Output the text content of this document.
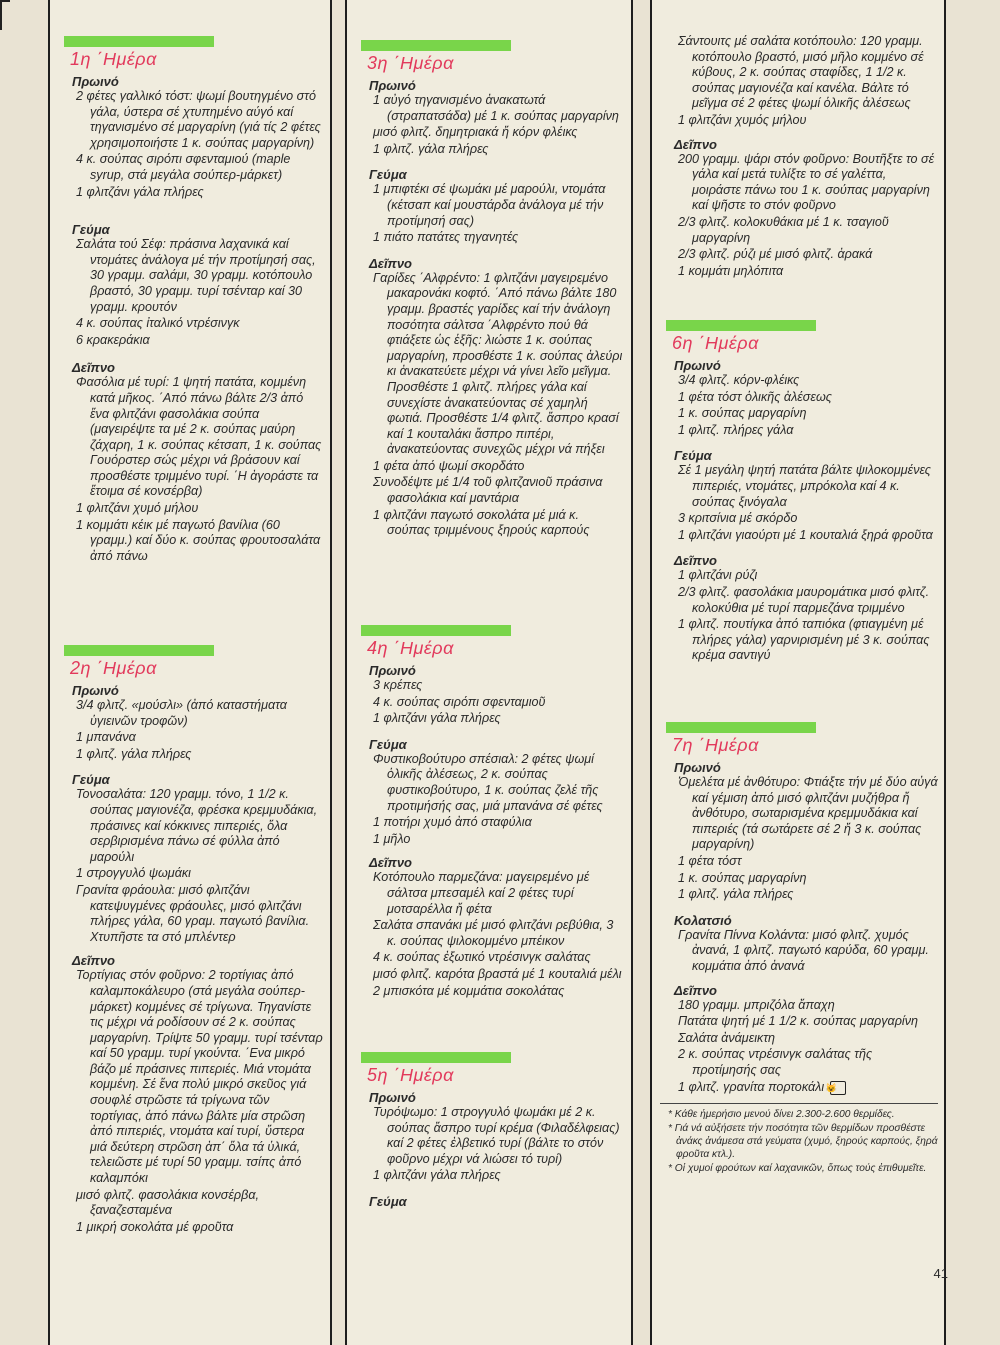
1η ΄Ημέρα
Πρωινό
2 φέτες γαλλικό τόστ: ψωμί βουτηγμένο στό γάλα, ύστερα σέ χτυπημένο αύγό καί τηγανισμένο σέ μαργαρίνη (γιά τίς 2 φέτες χρησιμοποιήστε 1 κ. σούπας μαργαρίνη)
4 κ. σούπας σιρόπι σφενταμιού (maple syrup, στά μεγάλα σούπερ-μάρκετ)
1 φλιτζάνι γάλα πλήρες
Γεύμα
Σαλάτα τού Σέφ: πράσινα λαχανικά καί ντομάτες ἀνάλογα μέ τήν προτίμησή σας, 30 γραμμ. σαλάμι, 30 γραμμ. κοτόπουλο βραστό, 30 γραμμ. τυρί τσένταρ καί 30 γραμμ. κρουτόν
4 κ. σούπας ἰταλικό ντρέσινγκ
6 κρακεράκια
Δεῖπνο
Φασόλια μέ τυρί: 1 ψητή πατάτα, κομμένη κατά μῆκος. ΄Από πάνω βάλτε 2/3 ἀπό ἕνα φλιτζάνι φασολάκια σούπα (μαγειρέψτε τα μέ 2 κ. σούπας μαύρη ζάχαρη, 1 κ. σούπας κέτσαπ, 1 κ. σούπας Γουόρστερ σώς μέχρι νά βράσουν καί προσθέστε τριμμένο τυρί. ΄Η ἀγοράστε τα ἕτοιμα σέ κονσέρβα)
1 φλιτζάνι χυμό μήλου
1 κομμάτι κέικ μέ παγωτό βανίλια (60 γραμμ.) καί δύο κ. σούπας φρουτοσαλάτα ἀπό πάνω
2η ΄Ημέρα
Πρωινό
3/4 φλιτζ. «μούσλι» (ἀπό καταστήματα ὑγιεινῶν τροφῶν)
1 μπανάνα
1 φλιτζ. γάλα πλήρες
Γεύμα
Τονοσαλάτα: 120 γραμμ. τόνο, 1 1/2 κ. σούπας μαγιονέζα, φρέσκα κρεμμυδάκια, πράσινες καί κόκκινες πιπεριές, ὅλα σερβιρισμένα πάνω σέ φύλλα ἀπό μαρούλι
1 στρογγυλό ψωμάκι
Γρανίτα φράουλα: μισό φλιτζάνι κατεψυγμένες φράουλες, μισό φλιτζάνι πλήρες γάλα, 60 γραμ. παγωτό βανίλια. Χτυπῆστε τα στό μπλέντερ
Δεῖπνο
Τορτίγιας στόν φοῦρνο: 2 τορτίγιας ἀπό καλαμποκάλευρο (στά μεγάλα σούπερ-μάρκετ) κομμένες σέ τρίγωνα. Τηγανίστε τις μέχρι νά ροδίσουν σέ 2 κ. σούπας μαργαρίνη. Τρίψτε 50 γραμμ. τυρί τσένταρ καί 50 γραμμ. τυρί γκούντα. ΄Ενα μικρό βάζο μέ πράσινες πιπεριές. Μιά ντομάτα κομμένη. Σέ ἕνα πολύ μικρό σκεῦος γιά σουφλέ στρῶστε τά τρίγωνα τῶν τορτίγιας, ἀπό πάνω βάλτε μία στρῶση ἀπό πιπεριές, ντομάτα καί τυρί, ὕστερα μιά δεύτερη στρῶση ἀπ΄ ὅλα τά ὑλικά, τελειῶστε μέ τυρί 50 γραμμ. τσίπς ἀπό καλαμπόκι
μισό φλιτζ. φασολάκια κονσέρβα, ξαναζεσταμένα
1 μικρή σοκολάτα μέ φροῦτα
3η ΄Ημέρα
Πρωινό
1 αὐγό τηγανισμένο ἀνακατωτά (στραπατσάδα) μέ 1 κ. σούπας μαργαρίνη
μισό φλιτζ. δημητριακά ἤ κόρν φλέικς
1 φλιτζ. γάλα πλήρες
Γεύμα
1 μπιφτέκι σέ ψωμάκι μέ μαρούλι, ντομάτα (κέτσαπ καί μουστάρδα ἀνάλογα μέ τήν προτίμησή σας)
1 πιάτο πατάτες τηγανητές
Δεῖπνο
Γαρίδες ΄Αλφρέντο: 1 φλιτζάνι μαγειρεμένο μακαρονάκι κοφτό. ΄Από πάνω βάλτε 180 γραμμ. βραστές γαρίδες καί τήν ἀνάλογη ποσότητα σάλτσα ΄Αλφρέντο πού θά φτιάξετε ὡς ἑξῆς: λιώστε 1 κ. σούπας μαργαρίνη, προσθέστε 1 κ. σούπας ἀλεύρι κι ἀνακατεύετε μέχρι νά γίνει λεῖο μεῖγμα. Προσθέστε 1 φλιτζ. πλήρες γάλα καί συνεχίστε ἀνακατεύοντας σέ χαμηλή φωτιά. Προσθέστε 1/4 φλιτζ. ἄσπρο κρασί καί 1 κουταλάκι ἄσπρο πιπέρι, ἀνακατεύοντας συνεχῶς μέχρι νά πήξει
1 φέτα ἀπό ψωμί σκορδάτο
Συνοδέψτε μέ 1/4 τοῦ φλιτζανιοῦ πράσινα φασολάκια καί μαντάρια
1 φλιτζάνι παγωτό σοκολάτα μέ μιά κ. σούπας τριμμένους ξηρούς καρπούς
4η ΄Ημέρα
Πρωινό
3 κρέπες
4 κ. σούπας σιρόπι σφενταμιοῦ
1 φλιτζάνι γάλα πλήρες
Γεύμα
Φυστικοβούτυρο σπέσιαλ: 2 φέτες ψωμί ὁλικῆς ἀλέσεως, 2 κ. σούπας φυστικοβούτυρο, 1 κ. σούπας ζελέ τῆς προτιμήσής σας, μιά μπανάνα σέ φέτες
1 ποτήρι χυμό ἀπό σταφύλια
1 μῆλο
Δεῖπνο
Κοτόπουλο παρμεζάνα: μαγειρεμένο μέ σάλτσα μπεσαμέλ καί 2 φέτες τυρί μοτσαρέλλα ἤ φέτα
Σαλάτα σπανάκι μέ μισό φλιτζάνι ρεβύθια, 3 κ. σούπας ψιλοκομμένο μπέικον
4 κ. σούπας ἐξωτικό ντρέσινγκ σαλάτας
μισό φλιτζ. καρότα βραστά μέ 1 κουταλιά μέλι
2 μπισκότα μέ κομμάτια σοκολάτας
5η ΄Ημέρα
Πρωινό
Τυρόψωμο: 1 στρογγυλό ψωμάκι μέ 2 κ. σούπας ἄσπρο τυρί κρέμα (Φιλαδέλφειας) καί 2 φέτες ἐλβετικό τυρί (βάλτε το στόν φοῦρνο μέχρι νά λιώσει τό τυρί)
1 φλιτζάνι γάλα πλήρες
Γεύμα
Σάντουιτς μέ σαλάτα κοτόπουλο: 120 γραμμ. κοτόπουλο βραστό, μισό μῆλο κομμένο σέ κύβους, 2 κ. σούπας σταφίδες, 1 1/2 κ. σούπας μαγιονέζα καί κανέλα. Βάλτε τό μεῖγμα σέ 2 φέτες ψωμί ὁλικῆς ἀλέσεως
1 φλιτζάνι χυμός μήλου
Δεῖπνο
200 γραμμ. ψάρι στόν φοῦρνο: Βουτῆξτε το σέ γάλα καί μετά τυλίξτε το σέ γαλέττα, μοιράστε πάνω του 1 κ. σούπας μαργαρίνη καί ψῆστε το στόν φοῦρνο
2/3 φλιτζ. κολοκυθάκια μέ 1 κ. τσαγιοῦ μαργαρίνη
2/3 φλιτζ. ρύζι μέ μισό φλιτζ. ἀρακά
1 κομμάτι μηλόπιτα
6η ΄Ημέρα
Πρωινό
3/4 φλιτζ. κόρν-φλέικς
1 φέτα τόστ ὁλικῆς ἀλέσεως
1 κ. σούπας μαργαρίνη
1 φλιτζ. πλήρες γάλα
Γεύμα
Σέ 1 μεγάλη ψητή πατάτα βάλτε ψιλοκομμένες πιπεριές, ντομάτες, μπρόκολα καί 4 κ. σούπας ξινόγαλα
3 κριτσίνια μέ σκόρδο
1 φλιτζάνι γιαούρτι μέ 1 κουταλιά ξηρά φροῦτα
Δεῖπνο
1 φλιτζάνι ρύζι
2/3 φλιτζ. φασολάκια μαυρομάτικα μισό φλιτζ. κολοκύθια μέ τυρί παρμεζάνα τριμμένο
1 φλιτζ. πουτίγκα ἀπό ταπιόκα (φτιαγμένη μέ πλήρες γάλα) γαρνιρισμένη μέ 3 κ. σούπας κρέμα σαντιγύ
7η ΄Ημέρα
Πρωινό
Ὀμελέτα μέ ἀνθότυρο: Φτιάξτε τήν μέ δύο αὐγά καί γέμιση ἀπό μισό φλιτζάνι μυζήθρα ἤ ἀνθότυρο, σωταρισμένα κρεμμυδάκια καί πιπεριές (τά σωτάρετε σέ 2 ἤ 3 κ. σούπας μαργαρίνη)
1 φέτα τόστ
1 κ. σούπας μαργαρίνη
1 φλιτζ. γάλα πλήρες
Κολατσιό
Γρανίτα Πίννα Κολάντα: μισό φλιτζ. χυμός ἀνανά, 1 φλιτζ. παγωτό καρύδα, 60 γραμμ. κομμάτια ἀπό ἀνανά
Δεῖπνο
180 γραμμ. μπριζόλα ἄπαχη
Πατάτα ψητή μέ 1 1/2 κ. σούπας μαργαρίνη
Σαλάτα ἀνάμεικτη
2 κ. σούπας ντρέσινγκ σαλάτας τῆς προτίμησής σας
1 φλιτζ. γρανίτα πορτοκάλι😺
* Κάθε ἡμερήσιο μενού δίνει 2.300-2.600 θερμίδες.
* Γιά νά αὐξήσετε τήν ποσότητα τῶν θερμίδων προσθέστε ἀνάκς ἀνάμεσα στά γεύματα (χυμό, ξηρούς καρπούς, ξηρά φροῦτα κτλ.).
* Οἱ χυμοί φρούτων καί λαχανικῶν, ὅπως τούς ἐπιθυμεῖτε.
41
